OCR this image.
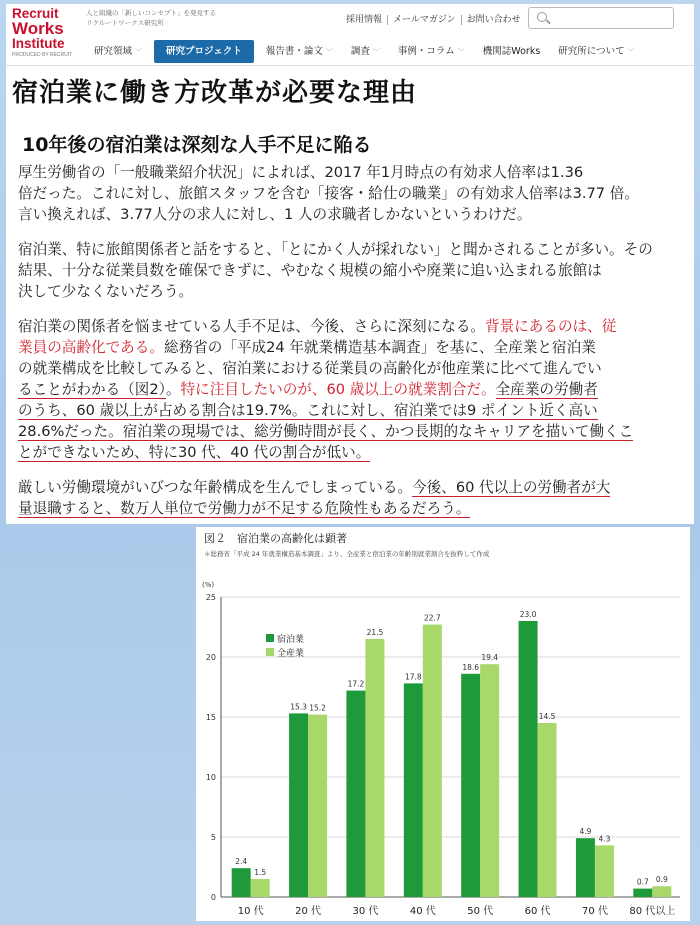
Recruit
Works
Institute
PRODUCED BY RECRUIT
人と組織の「新しいコンセプト」を発見する
リクルートワークス研究所	採用情報 メールマガジン お問い合わせ
研究領域 ﹀	研究プロジェクト	報告書・論文 ﹀	調査 ﹀	事例・コラム ﹀	機関誌Works	研究所について ﹀
宿泊業に働き方改革が必要な理由
10年後の宿泊業は深刻な人手不足に陥る
厚生労働省の「一般職業紹介状況」によれば、2017 年1月時点の有効求人倍率は1.36
倍だった。これに対し、旅館スタッフを含む「接客・給仕の職業」の有効求人倍率は3.77 倍。
言い換えれば、3.77人分の求人に対し、1 人の求職者しかないというわけだ。
宿泊業、特に旅館関係者と話をすると、「とにかく人が採れない」と聞かされることが多い。その
結果、十分な従業員数を確保できずに、やむなく規模の縮小や廃業に追い込まれる旅館は
決して少なくないだろう。
宿泊業の関係者を悩ませている人手不足は、今後、さらに深刻になる。背景にあるのは、従
業員の高齢化である。総務省の「平成24 年就業構造基本調査」を基に、全産業と宿泊業
の就業構成を比較してみると、宿泊業における従業員の高齢化が他産業に比べて進んでい
ることがわかる（図2）。特に注目したいのが、60 歳以上の就業割合だ。全産業の労働者
のうち、60 歳以上が占める割合は19.7%。これに対し、宿泊業では9 ポイント近く高い
28.6%だった。宿泊業の現場では、総労働時間が長く、かつ長期的なキャリアを描いて働くこ
とができないため、特に30 代、40 代の割合が低い。
厳しい労働環境がいびつな年齢構成を生んでしまっている。今後、60 代以上の労働者が大
量退職すると、数万人単位で労働力が不足する危険性もあるだろう。
図２　宿泊業の高齢化は顕著
＊総務省「平成 24 年就業構造基本調査」より、全産業と宿泊業の年齢別就業割合を抜粋して作成
(%)
0
5
10
15
20
25
2.4
1.5
10 代
15.3 15.2
20 代
17.2
21.5
30 代
17.8
22.7
40 代
18.6
19.4
50 代
23.0
14.5
60 代
4.9
4.3
70 代
0.7 0.9
80 代以上
宿泊業
全産業
